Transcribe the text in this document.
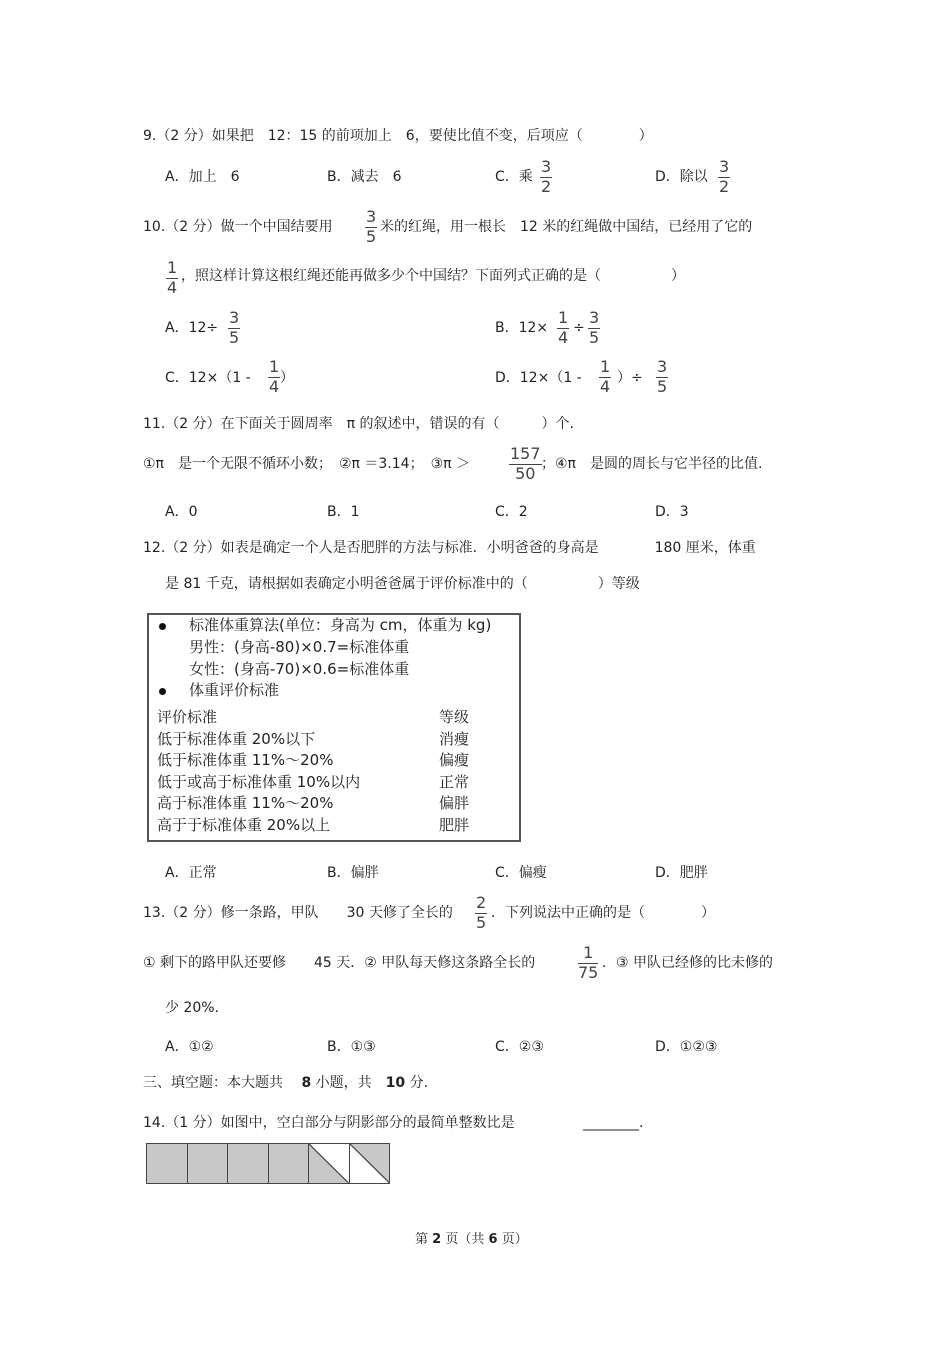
9.（2 分）如果把　12：15 的前项加上　6，要使比值不变，后项应（　　　　）
A．加上　6	B．减去　6	C．乘
3
2	D．除以
3
2
10.（2 分）做一个中国结要用
3
5 米的红绳，用一根长　12 米的红绳做中国结，已经用了它的
1
4
，照这样计算这根红绳还能再做多少个中国结？下面列式正确的是（　　　　　）
A．12÷
3
5	B．12×
1
4 ÷
3
5
C．12×（1 -
1
4 ）	D．12×（1 -
1
4 ）÷
3
5
11.（2 分）在下面关于圆周率　π 的叙述中，错误的有（　　　）个.
①π　是一个无限不循环小数；　②π ＝3.14；　③π ＞
157
50 ；④π　是圆的周长与它半径的比值.
A．0	B．1	C．2	D．3
12.（2 分）如表是确定一个人是否肥胖的方法与标准．小明爸爸的身高是　　　　180 厘米，体重
是 81 千克，请根据如表确定小明爸爸属于评价标准中的（　　　　　）等级
标准体重算法(单位：身高为 cm，体重为 kg)
男性：(身高-80)×0.7=标准体重
女性：(身高-70)×0.6=标准体重
体重评价标准
评价标准	等级
低于标准体重 20%以下	消瘦
低于标准体重 11%～20%	偏瘦
低于或高于标准体重 10%以内	正常
高于标准体重 11%～20%	偏胖
高于于标准体重 20%以上	肥胖
A．正常	B．偏胖	C．偏瘦	D．肥胖
13.（2 分）修一条路，甲队　　30 天修了全长的
2
5 ．下列说法中正确的是（　　　　）
① 剩下的路甲队还要修　　45 天．② 甲队每天修这条路全长的
1
75 ．③ 甲队已经修的比未修的
少 20%．
A．①②	B．①③	C．②③	D．①②③
三、填空题：本大题共　 8 小题，共　 10 分.
14.（1 分）如图中，空白部分与阴影部分的最简单整数比是	________.
第 2 页（共 6 页）
